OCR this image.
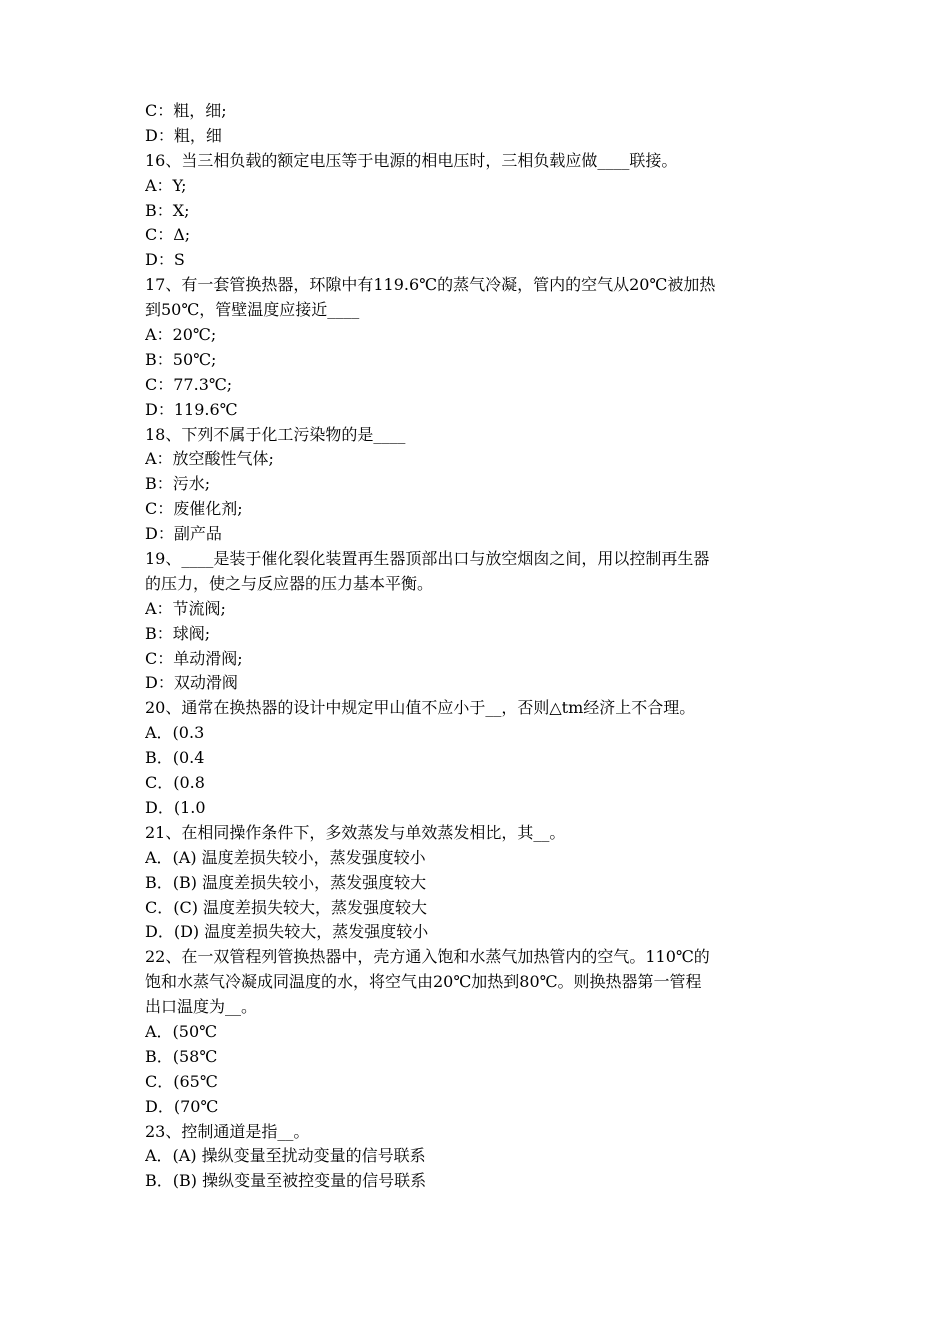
C：粗，细;
D：粗，细
16、当三相负载的额定电压等于电源的相电压时，三相负载应做____联接。
A：Y;
B：X;
C：Δ;
D：S
17、有一套管换热器，环隙中有119.6℃的蒸气冷凝，管内的空气从20℃被加热
到50℃，管壁温度应接近____
A：20℃;
B：50℃;
C：77.3℃;
D：119.6℃
18、下列不属于化工污染物的是____
A：放空酸性气体;
B：污水;
C：废催化剂;
D：副产品
19、____是装于催化裂化装置再生器顶部出口与放空烟囱之间，用以控制再生器
的压力，使之与反应器的压力基本平衡。
A：节流阀;
B：球阀;
C：单动滑阀;
D：双动滑阀
20、通常在换热器的设计中规定甲山值不应小于__，否则△tm经济上不合理。
A．(0.3
B．(0.4
C．(0.8
D．(1.0
21、在相同操作条件下，多效蒸发与单效蒸发相比，其__。
A．(A) 温度差损失较小，蒸发强度较小
B．(B) 温度差损失较小，蒸发强度较大
C．(C) 温度差损失较大，蒸发强度较大
D．(D) 温度差损失较大，蒸发强度较小
22、在一双管程列管换热器中，壳方通入饱和水蒸气加热管内的空气。110℃的
饱和水蒸气冷凝成同温度的水，将空气由20℃加热到80℃。则换热器第一管程
出口温度为__。
A．(50℃
B．(58℃
C．(65℃
D．(70℃
23、控制通道是指__。
A．(A) 操纵变量至扰动变量的信号联系
B．(B) 操纵变量至被控变量的信号联系
